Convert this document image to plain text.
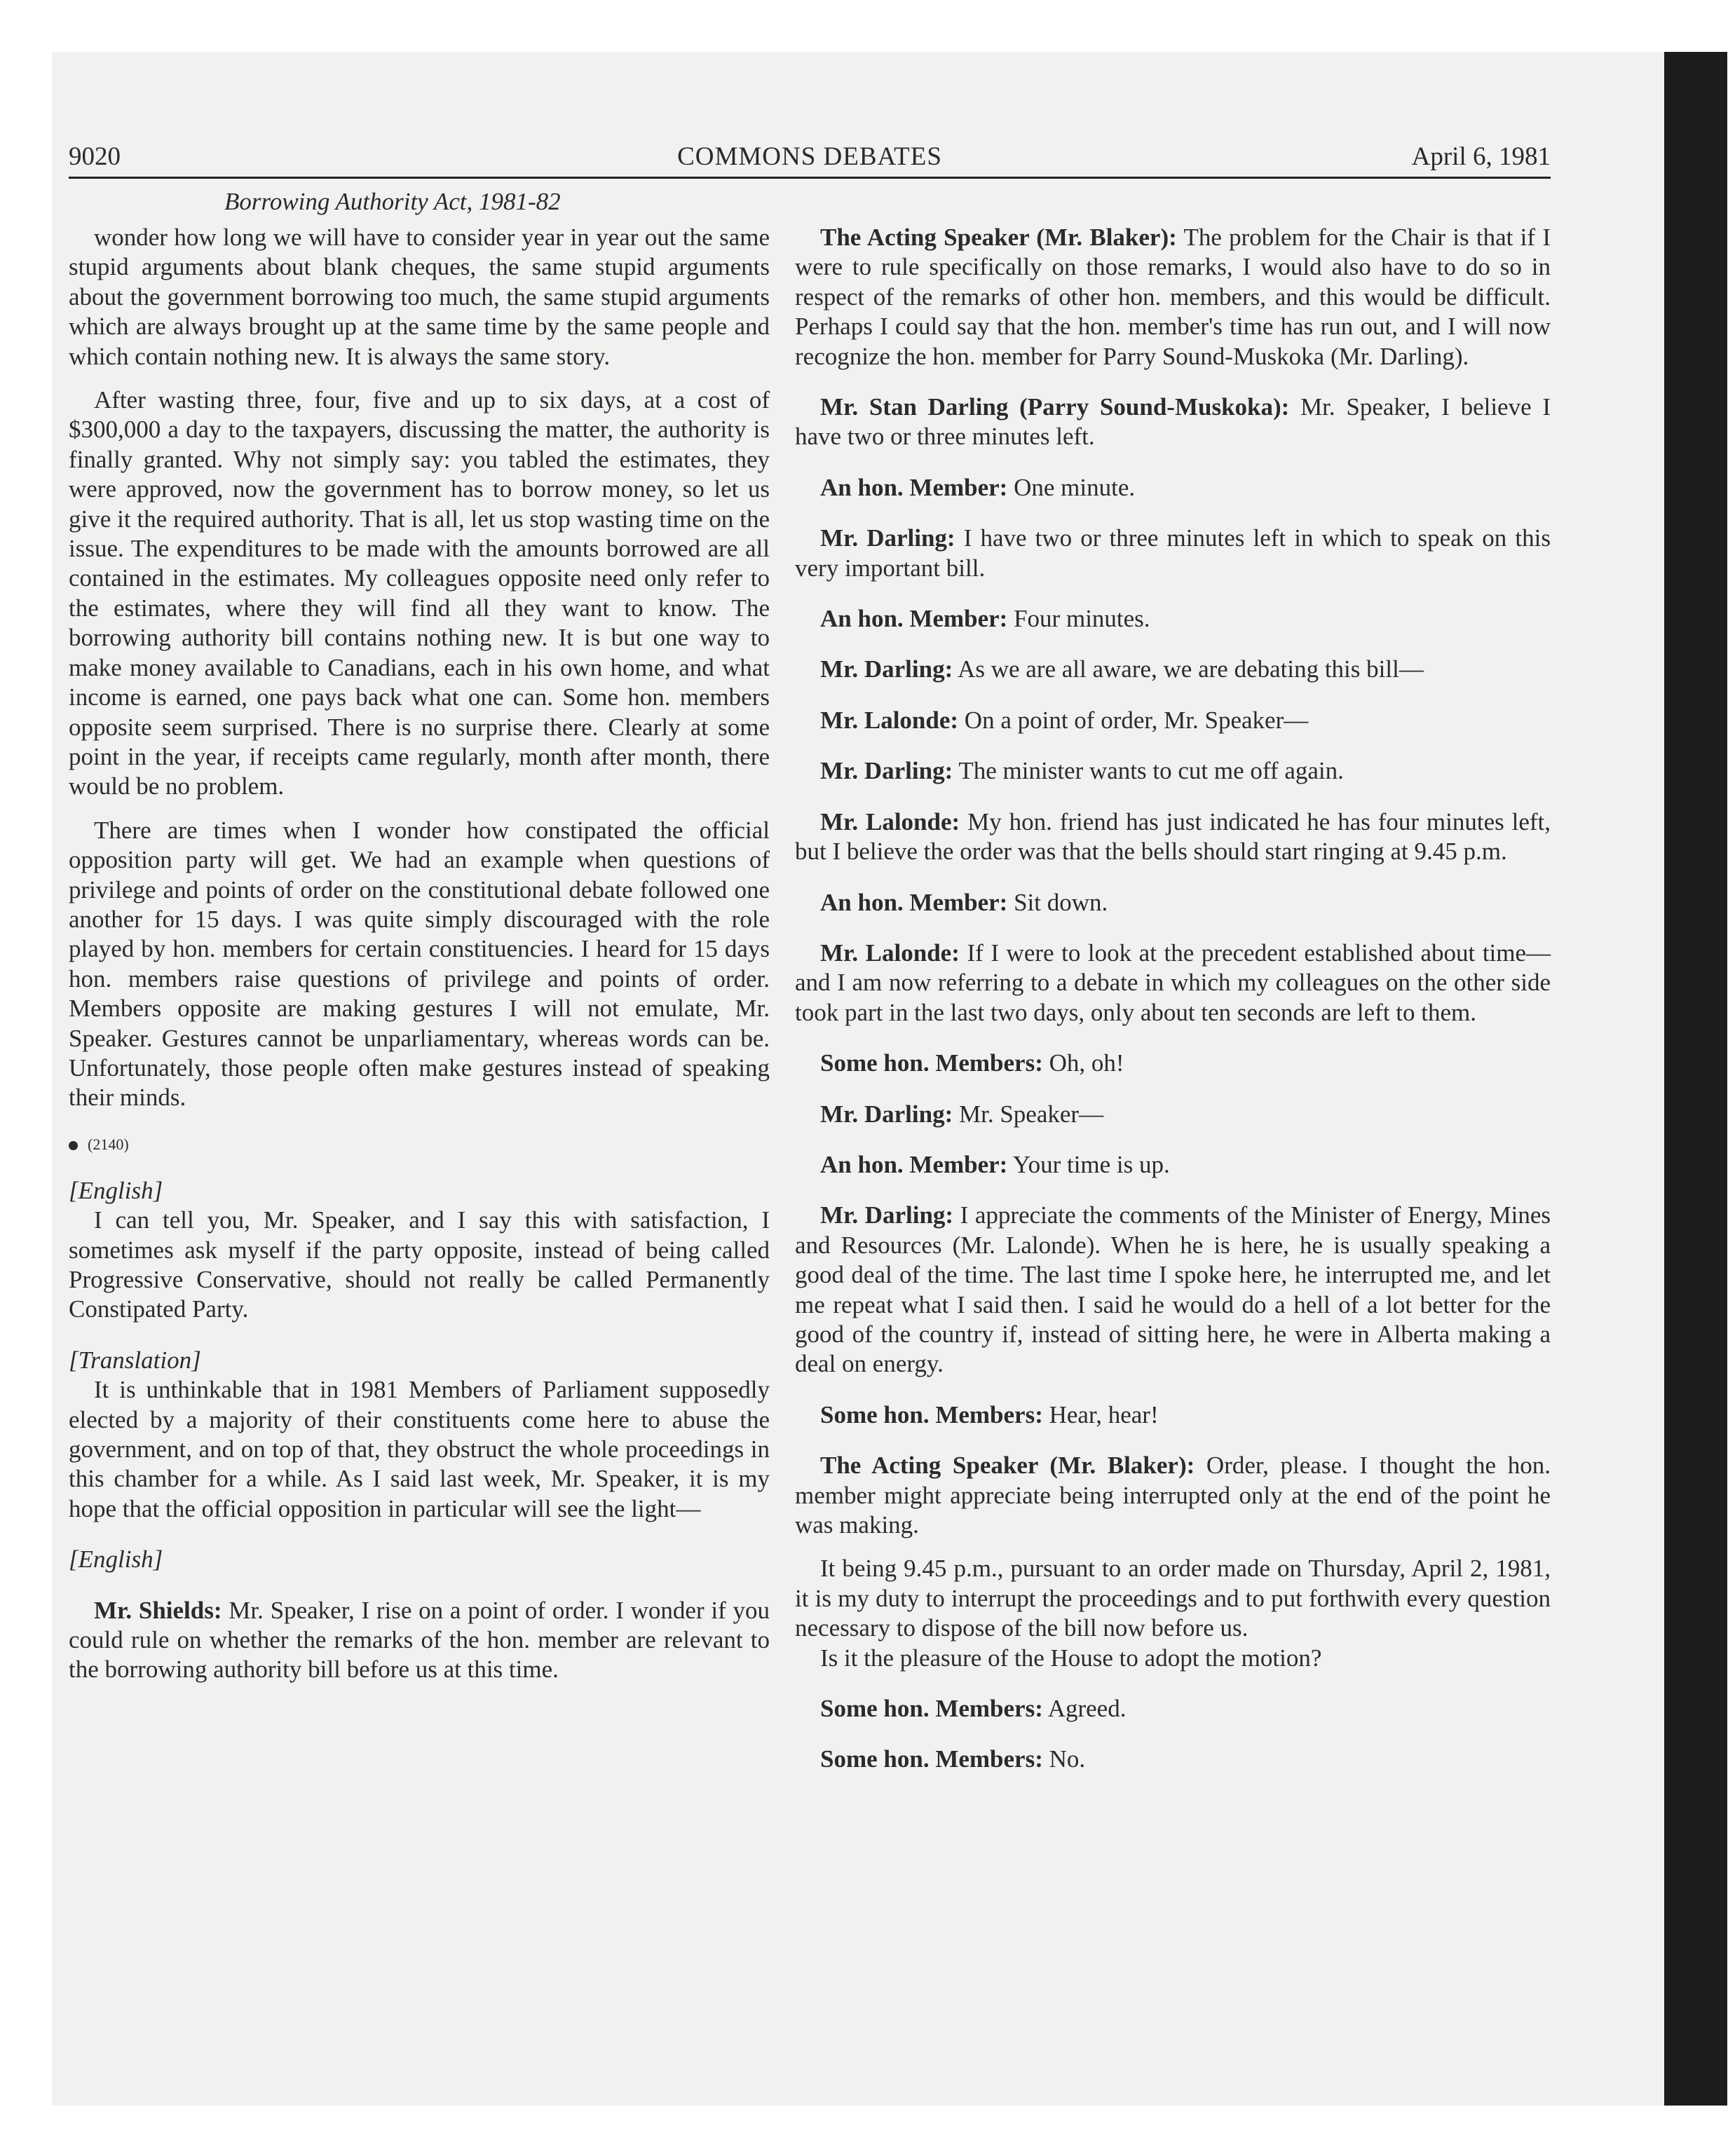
9020	COMMONS DEBATES	April 6, 1981
Borrowing Authority Act, 1981-82

wonder how long we will have to consider year in year out the same stupid arguments about blank cheques, the same stupid arguments about the government borrowing too much, the same stupid arguments which are always brought up at the same time by the same people and which contain nothing new. It is always the same story.

After wasting three, four, five and up to six days, at a cost of $300,000 a day to the taxpayers, discussing the matter, the authority is finally granted. Why not simply say: you tabled the estimates, they were approved, now the government has to borrow money, so let us give it the required authority. That is all, let us stop wasting time on the issue. The expenditures to be made with the amounts borrowed are all contained in the estimates. My colleagues opposite need only refer to the estimates, where they will find all they want to know. The borrowing authority bill contains nothing new. It is but one way to make money available to Canadians, each in his own home, and what income is earned, one pays back what one can. Some hon. members opposite seem surprised. There is no surprise there. Clearly at some point in the year, if receipts came regularly, month after month, there would be no problem.

There are times when I wonder how constipated the official opposition party will get. We had an example when questions of privilege and points of order on the constitutional debate followed one another for 15 days. I was quite simply discouraged with the role played by hon. members for certain constituencies. I heard for 15 days hon. members raise questions of privilege and points of order. Members opposite are making gestures I will not emulate, Mr. Speaker. Gestures cannot be unparliamentary, whereas words can be. Unfortunately, those people often make gestures instead of speaking their minds.

(2140)

[English]

I can tell you, Mr. Speaker, and I say this with satisfaction, I sometimes ask myself if the party opposite, instead of being called Progressive Conservative, should not really be called Permanently Constipated Party.

[Translation]

It is unthinkable that in 1981 Members of Parliament supposedly elected by a majority of their constituents come here to abuse the government, and on top of that, they obstruct the whole proceedings in this chamber for a while. As I said last week, Mr. Speaker, it is my hope that the official opposition in particular will see the light—

[English]

Mr. Shields: Mr. Speaker, I rise on a point of order. I wonder if you could rule on whether the remarks of the hon. member are relevant to the borrowing authority bill before us at this time.

The Acting Speaker (Mr. Blaker): The problem for the Chair is that if I were to rule specifically on those remarks, I would also have to do so in respect of the remarks of other hon. members, and this would be difficult. Perhaps I could say that the hon. member's time has run out, and I will now recognize the hon. member for Parry Sound-Muskoka (Mr. Darling).

Mr. Stan Darling (Parry Sound-Muskoka): Mr. Speaker, I believe I have two or three minutes left.

An hon. Member: One minute.

Mr. Darling: I have two or three minutes left in which to speak on this very important bill.

An hon. Member: Four minutes.

Mr. Darling: As we are all aware, we are debating this bill—

Mr. Lalonde: On a point of order, Mr. Speaker—

Mr. Darling: The minister wants to cut me off again.

Mr. Lalonde: My hon. friend has just indicated he has four minutes left, but I believe the order was that the bells should start ringing at 9.45 p.m.

An hon. Member: Sit down.

Mr. Lalonde: If I were to look at the precedent established about time—and I am now referring to a debate in which my colleagues on the other side took part in the last two days, only about ten seconds are left to them.

Some hon. Members: Oh, oh!

Mr. Darling: Mr. Speaker—

An hon. Member: Your time is up.

Mr. Darling: I appreciate the comments of the Minister of Energy, Mines and Resources (Mr. Lalonde). When he is here, he is usually speaking a good deal of the time. The last time I spoke here, he interrupted me, and let me repeat what I said then. I said he would do a hell of a lot better for the good of the country if, instead of sitting here, he were in Alberta making a deal on energy.

Some hon. Members: Hear, hear!

The Acting Speaker (Mr. Blaker): Order, please. I thought the hon. member might appreciate being interrupted only at the end of the point he was making.

It being 9.45 p.m., pursuant to an order made on Thursday, April 2, 1981, it is my duty to interrupt the proceedings and to put forthwith every question necessary to dispose of the bill now before us.

Is it the pleasure of the House to adopt the motion?

Some hon. Members: Agreed.

Some hon. Members: No.
